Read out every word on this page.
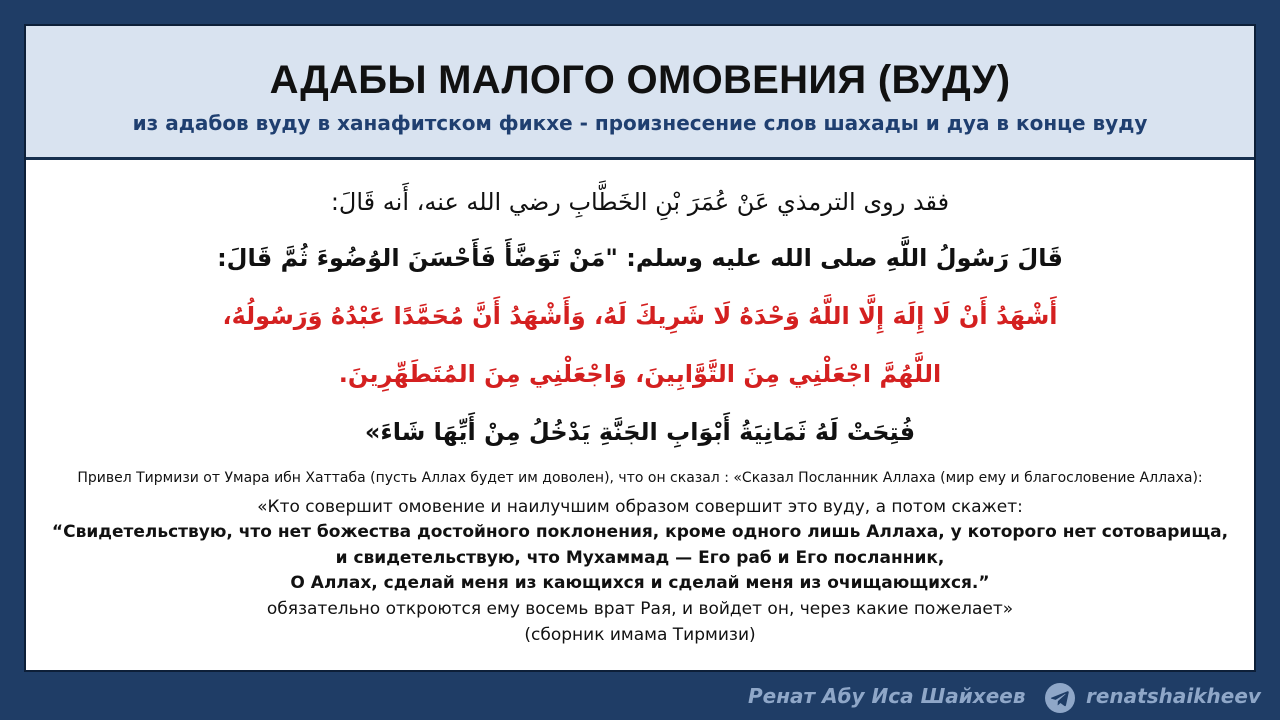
АДАБЫ МАЛОГО ОМОВЕНИЯ (ВУДУ)
из адабов вуду в ханафитском фикхе - произнесение слов шахады и дуа в конце вуду
فقد روى الترمذي عَنْ عُمَرَ بْنِ الخَطَّابِ رضي الله عنه، أَنه قَالَ:
قَالَ رَسُولُ اللَّهِ صلى الله عليه وسلم: "مَنْ تَوَضَّأَ فَأَحْسَنَ الوُضُوءَ ثُمَّ قَالَ:
أَشْهَدُ أَنْ لَا إِلَهَ إِلَّا اللَّهُ وَحْدَهُ لَا شَرِيكَ لَهُ، وَأَشْهَدُ أَنَّ مُحَمَّدًا عَبْدُهُ وَرَسُولُهُ،
اللَّهُمَّ اجْعَلْنِي مِنَ التَّوَّابِينَ، وَاجْعَلْنِي مِنَ المُتَطَهِّرِينَ.
فُتِحَتْ لَهُ ثَمَانِيَةُ أَبْوَابِ الجَنَّةِ يَدْخُلُ مِنْ أَيِّهَا شَاءَ»
Привел Тирмизи от Умара ибн Хаттаба (пусть Аллах будет им доволен), что он сказал : «Сказал Посланник Аллаха (мир ему и благословение Аллаха):
«Кто совершит омовение и наилучшим образом совершит это вуду, а потом скажет:
“Свидетельствую, что нет божества достойного поклонения, кроме одного лишь Аллаха, у которого нет сотоварища,
и свидетельствую, что Мухаммад — Его раб и Его посланник,
О Аллах, сделай меня из кающихся и сделай меня из очищающихся.”
обязательно откроются ему восемь врат Рая, и войдет он, через какие пожелает»
(сборник имама Тирмизи)
Ренат Абу Иса Шайхеев	renatshaikheev
